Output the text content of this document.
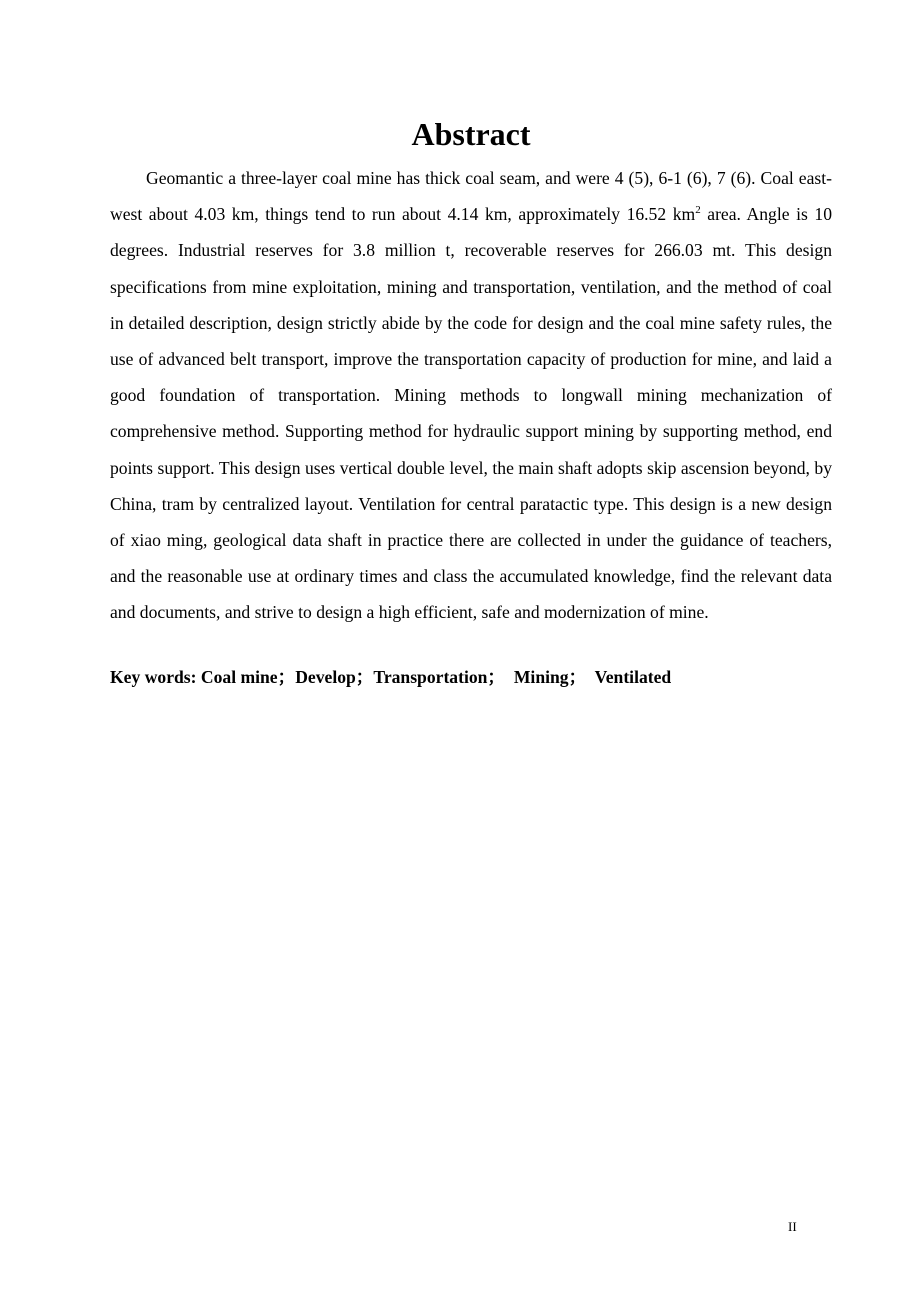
Abstract

Geomantic a three-layer coal mine has thick coal seam, and were 4 (5), 6-1 (6), 7 (6). Coal east-west about 4.03 km, things tend to run about 4.14 km, approximately 16.52 $km^2$ area. Angle is 10 degrees. Industrial reserves for 3.8 million t, recoverable reserves for 266.03 mt. This design specifications from mine exploitation, mining and transportation, ventilation, and the method of coal in detailed description, design strictly abide by the code for design and the coal mine safety rules, the use of advanced belt transport, improve the transportation capacity of production for mine, and laid a good foundation of transportation. Mining methods to longwall mining mechanization of comprehensive method. Supporting method for hydraulic support mining by supporting method, end points support. This design uses vertical double level, the main shaft adopts skip ascension beyond, by China, tram by centralized layout. Ventilation for central paratactic type. This design is a new design of xiao ming, geological data shaft in practice there are collected in under the guidance of teachers, and the reasonable use at ordinary times and class the accumulated knowledge, find the relevant data and documents, and strive to design a high efficient, safe and modernization of mine.

Key words: Coal mine；Develop；Transportation；  Mining；  Ventilated

II
